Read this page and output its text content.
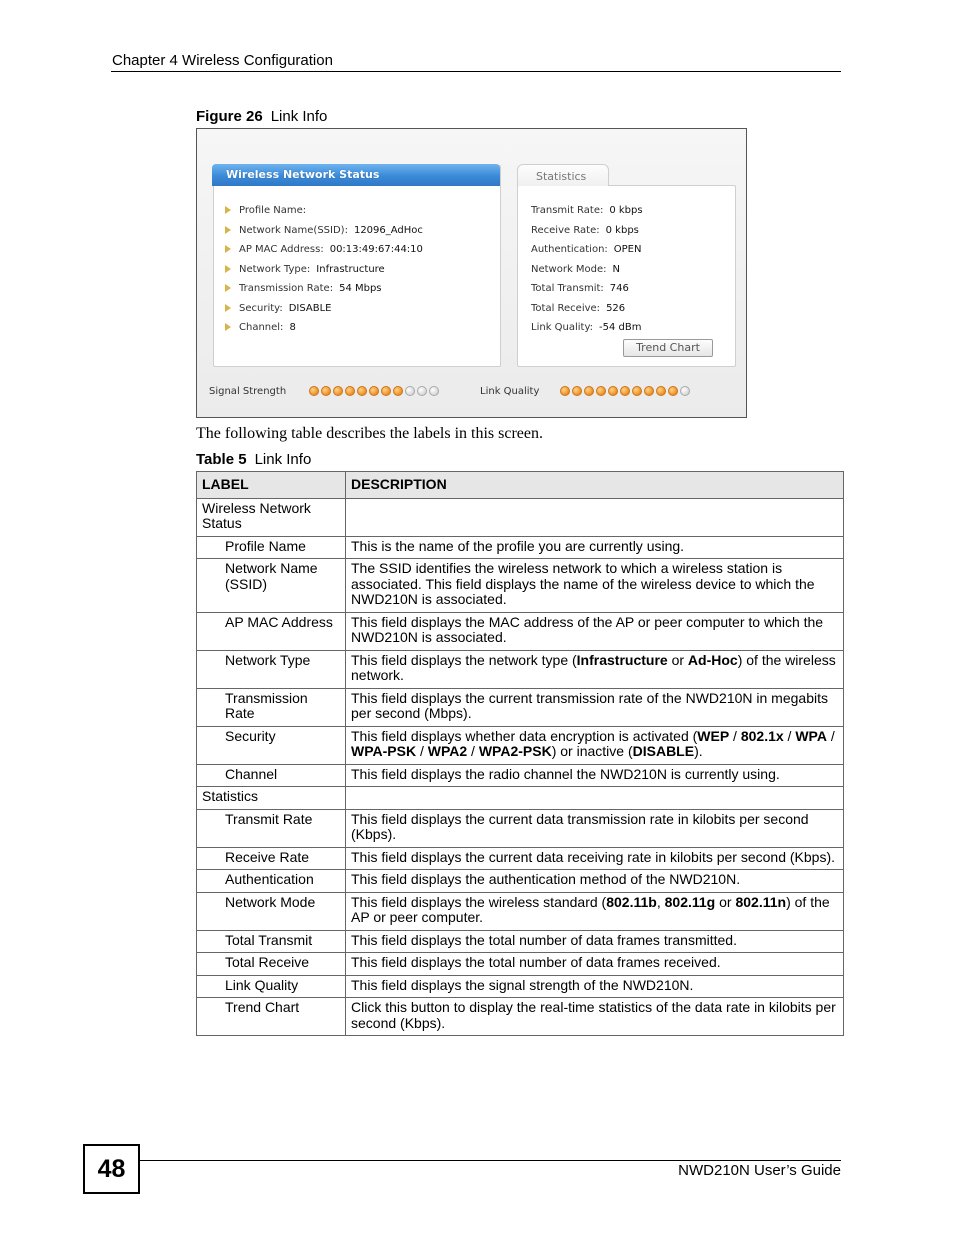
Chapter 4 Wireless Configuration
Figure 26 Link Info
Wireless Network Status
Profile Name:
Network Name(SSID): 12096_AdHoc
AP MAC Address: 00:13:49:67:44:10
Network Type: Infrastructure
Transmission Rate: 54 Mbps
Security: DISABLE
Channel: 8
Statistics
Transmit Rate: 0 kbps
Receive Rate: 0 kbps
Authentication: OPEN
Network Mode: N
Total Transmit: 746
Total Receive: 526
Link Quality: -54 dBm
Trend Chart
Signal Strength	Link Quality
The following table describes the labels in this screen.
Table 5 Link Info
LABEL	DESCRIPTION
Wireless Network Status	
Profile Name	This is the name of the profile you are currently using.
Network Name (SSID)	The SSID identifies the wireless network to which a wireless station is associated. This field displays the name of the wireless device to which the NWD210N is associated.
AP MAC Address	This field displays the MAC address of the AP or peer computer to which the NWD210N is associated.
Network Type	This field displays the network type (Infrastructure or Ad-Hoc) of the wireless network.
Transmission Rate	This field displays the current transmission rate of the NWD210N in megabits per second (Mbps).
Security	This field displays whether data encryption is activated (WEP / 802.1x / WPA / WPA-PSK / WPA2 / WPA2-PSK) or inactive (DISABLE).
Channel	This field displays the radio channel the NWD210N is currently using.
Statistics	
Transmit Rate	This field displays the current data transmission rate in kilobits per second (Kbps).
Receive Rate	This field displays the current data receiving rate in kilobits per second (Kbps).
Authentication	This field displays the authentication method of the NWD210N.
Network Mode	This field displays the wireless standard (802.11b, 802.11g or 802.11n) of the AP or peer computer.
Total Transmit	This field displays the total number of data frames transmitted.
Total Receive	This field displays the total number of data frames received.
Link Quality	This field displays the signal strength of the NWD210N.
Trend Chart	Click this button to display the real-time statistics of the data rate in kilobits per second (Kbps).
48	NWD210N User’s Guide
